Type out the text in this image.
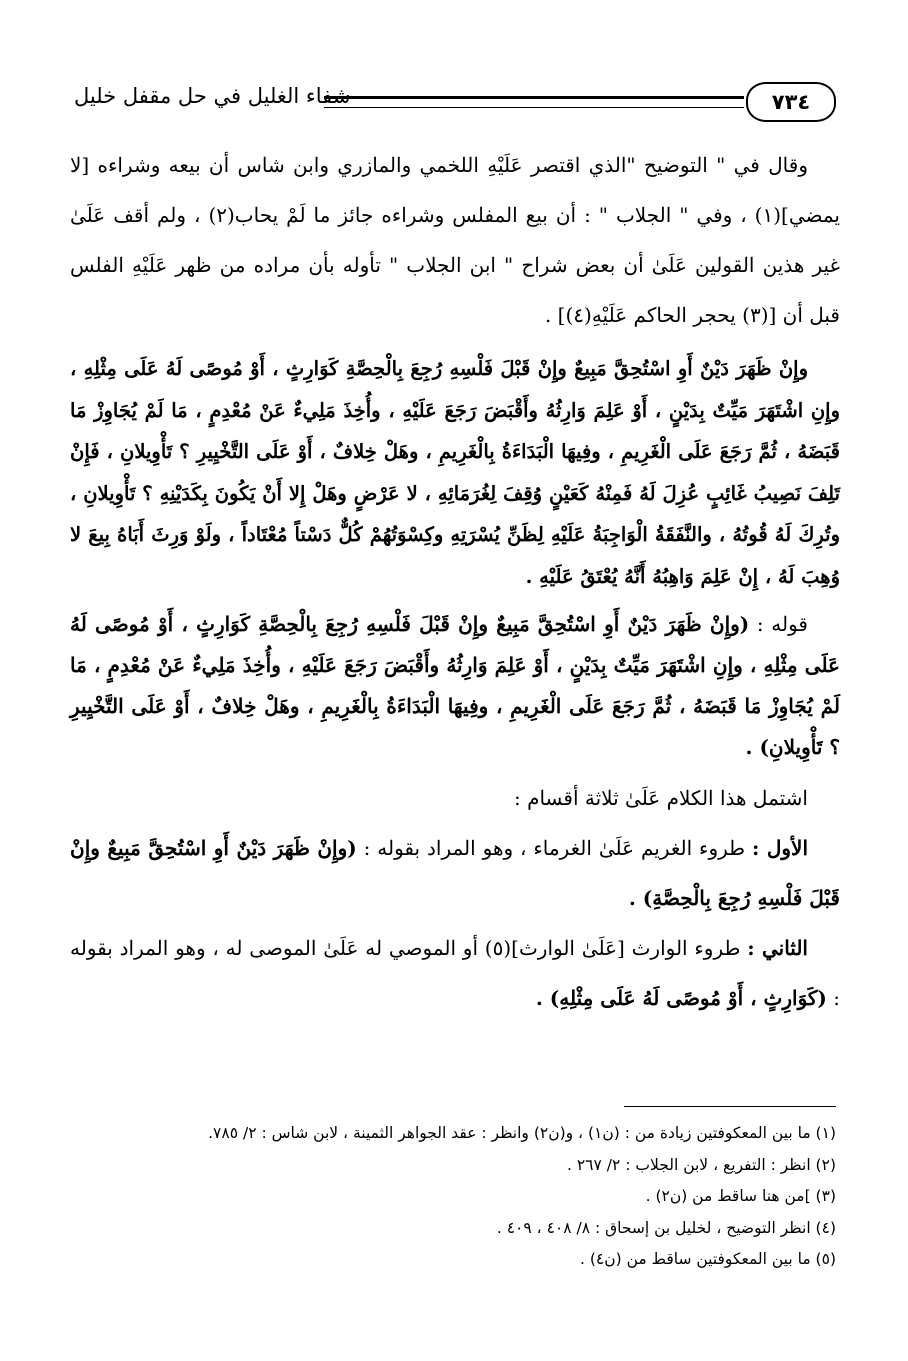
٧٣٤
شفاء الغليل في حل مقفل خليل

وقال في " التوضيح "الذي اقتصر عَلَيْهِ اللخمي والمازري وابن شاس أن بيعه وشراءه [لا يمضي](١) ، وفي " الجلاب " : أن بيع المفلس وشراءه جائز ما لَمْ يحاب(٢) ، ولم أقف عَلَىٰ غير هذين القولين عَلَىٰ أن بعض شراح " ابن الجلاب " تأوله بأن مراده من ظهر عَلَيْهِ الفلس قبل أن [(٣) يحجر الحاكم عَلَيْهِ(٤)] .

وإِنْ ظَهَرَ دَيْنٌ أَوِ اسْتُحِقَّ مَبِيعٌ وإِنْ قَبْلَ فَلْسِهِ رُجِعَ بِالْحِصَّةِ كَوَارِثٍ ، أَوْ مُوصًى لَهُ عَلَى مِثْلِهِ ، وإِنِ اشْتَهَرَ مَيِّتٌ بِدَيْنٍ ، أَوْ عَلِمَ وَارِثُهُ وأَقْبَضَ رَجَعَ عَلَيْهِ ، وأُخِذَ مَلِيءٌ عَنْ مُعْدِمٍ ، مَا لَمْ يُجَاوِزْ مَا قَبَضَهُ ، ثُمَّ رَجَعَ عَلَى الْغَرِيمِ ، وفِيهَا الْبَدَاءَةُ بِالْغَرِيمِ ، وهَلْ خِلافٌ ، أَوْ عَلَى التَّخْيِيرِ ؟ تَأْوِيلانِ ، فَإِنْ تَلِفَ نَصِيبُ غَائِبٍ عُزِلَ لَهُ فَمِنْهُ كَعَيْنٍ وُقِفَ لِغُرَمَائِهِ ، لا عَرْضٍ وهَلْ إِلا أَنْ يَكُونَ بِكَدَيْنِهِ ؟ تَأْوِيلانِ ، وتُرِكَ لَهُ قُوتُهُ ، والنَّفَقَةُ الْوَاجِبَةُ عَلَيْهِ لِظَنِّ يُسْرَتِهِ وكِسْوَتُهُمْ كُلٌّ دَسْتاً مُعْتَاداً ، ولَوْ وَرِثَ أَبَاهُ بِيعَ لا وُهِبَ لَهُ ، إِنْ عَلِمَ وَاهِبُهُ أَنَّهُ يُعْتَقُ عَلَيْهِ .

قوله : (وإِنْ ظَهَرَ دَيْنٌ أَوِ اسْتُحِقَّ مَبِيعٌ وإِنْ قَبْلَ فَلْسِهِ رُجِعَ بِالْحِصَّةِ كَوَارِثٍ ، أَوْ مُوصًى لَهُ عَلَى مِثْلِهِ ، وإِنِ اشْتَهَرَ مَيِّتٌ بِدَيْنٍ ، أَوْ عَلِمَ وَارِثُهُ وأَقْبَضَ رَجَعَ عَلَيْهِ ، وأُخِذَ مَلِيءٌ عَنْ مُعْدِمٍ ، مَا لَمْ يُجَاوِزْ مَا قَبَضَهُ ، ثُمَّ رَجَعَ عَلَى الْغَرِيمِ ، وفِيهَا الْبَدَاءَةُ بِالْغَرِيمِ ، وهَلْ خِلافٌ ، أَوْ عَلَى التَّخْيِيرِ ؟ تَأْوِيلانِ) .

اشتمل هذا الكلام عَلَىٰ ثلاثة أقسام :

الأول : طروء الغريم عَلَىٰ الغرماء ، وهو المراد بقوله : (وإِنْ ظَهَرَ دَيْنٌ أَوِ اسْتُحِقَّ مَبِيعٌ وإِنْ قَبْلَ فَلْسِهِ رُجِعَ بِالْحِصَّةِ) .

الثاني : طروء الوارث [عَلَىٰ الوارث](٥) أو الموصي له عَلَىٰ الموصى له ، وهو المراد بقوله : (كَوَارِثٍ ، أَوْ مُوصًى لَهُ عَلَى مِثْلِهِ) .

(١) ما بين المعكوفتين زيادة من : (ن١) ، و(ن٢) وانظر : عقد الجواهر الثمينة ، لابن شاس : ٢/ ٧٨٥.
(٢) انظر : التفريع ، لابن الجلاب : ٢/ ٢٦٧ .
(٣) ]من هنا ساقط من (ن٢) .
(٤) انظر التوضيح ، لخليل بن إسحاق : ٨/ ٤٠٨ ، ٤٠٩ .
(٥) ما بين المعكوفتين ساقط من (ن٤) .
